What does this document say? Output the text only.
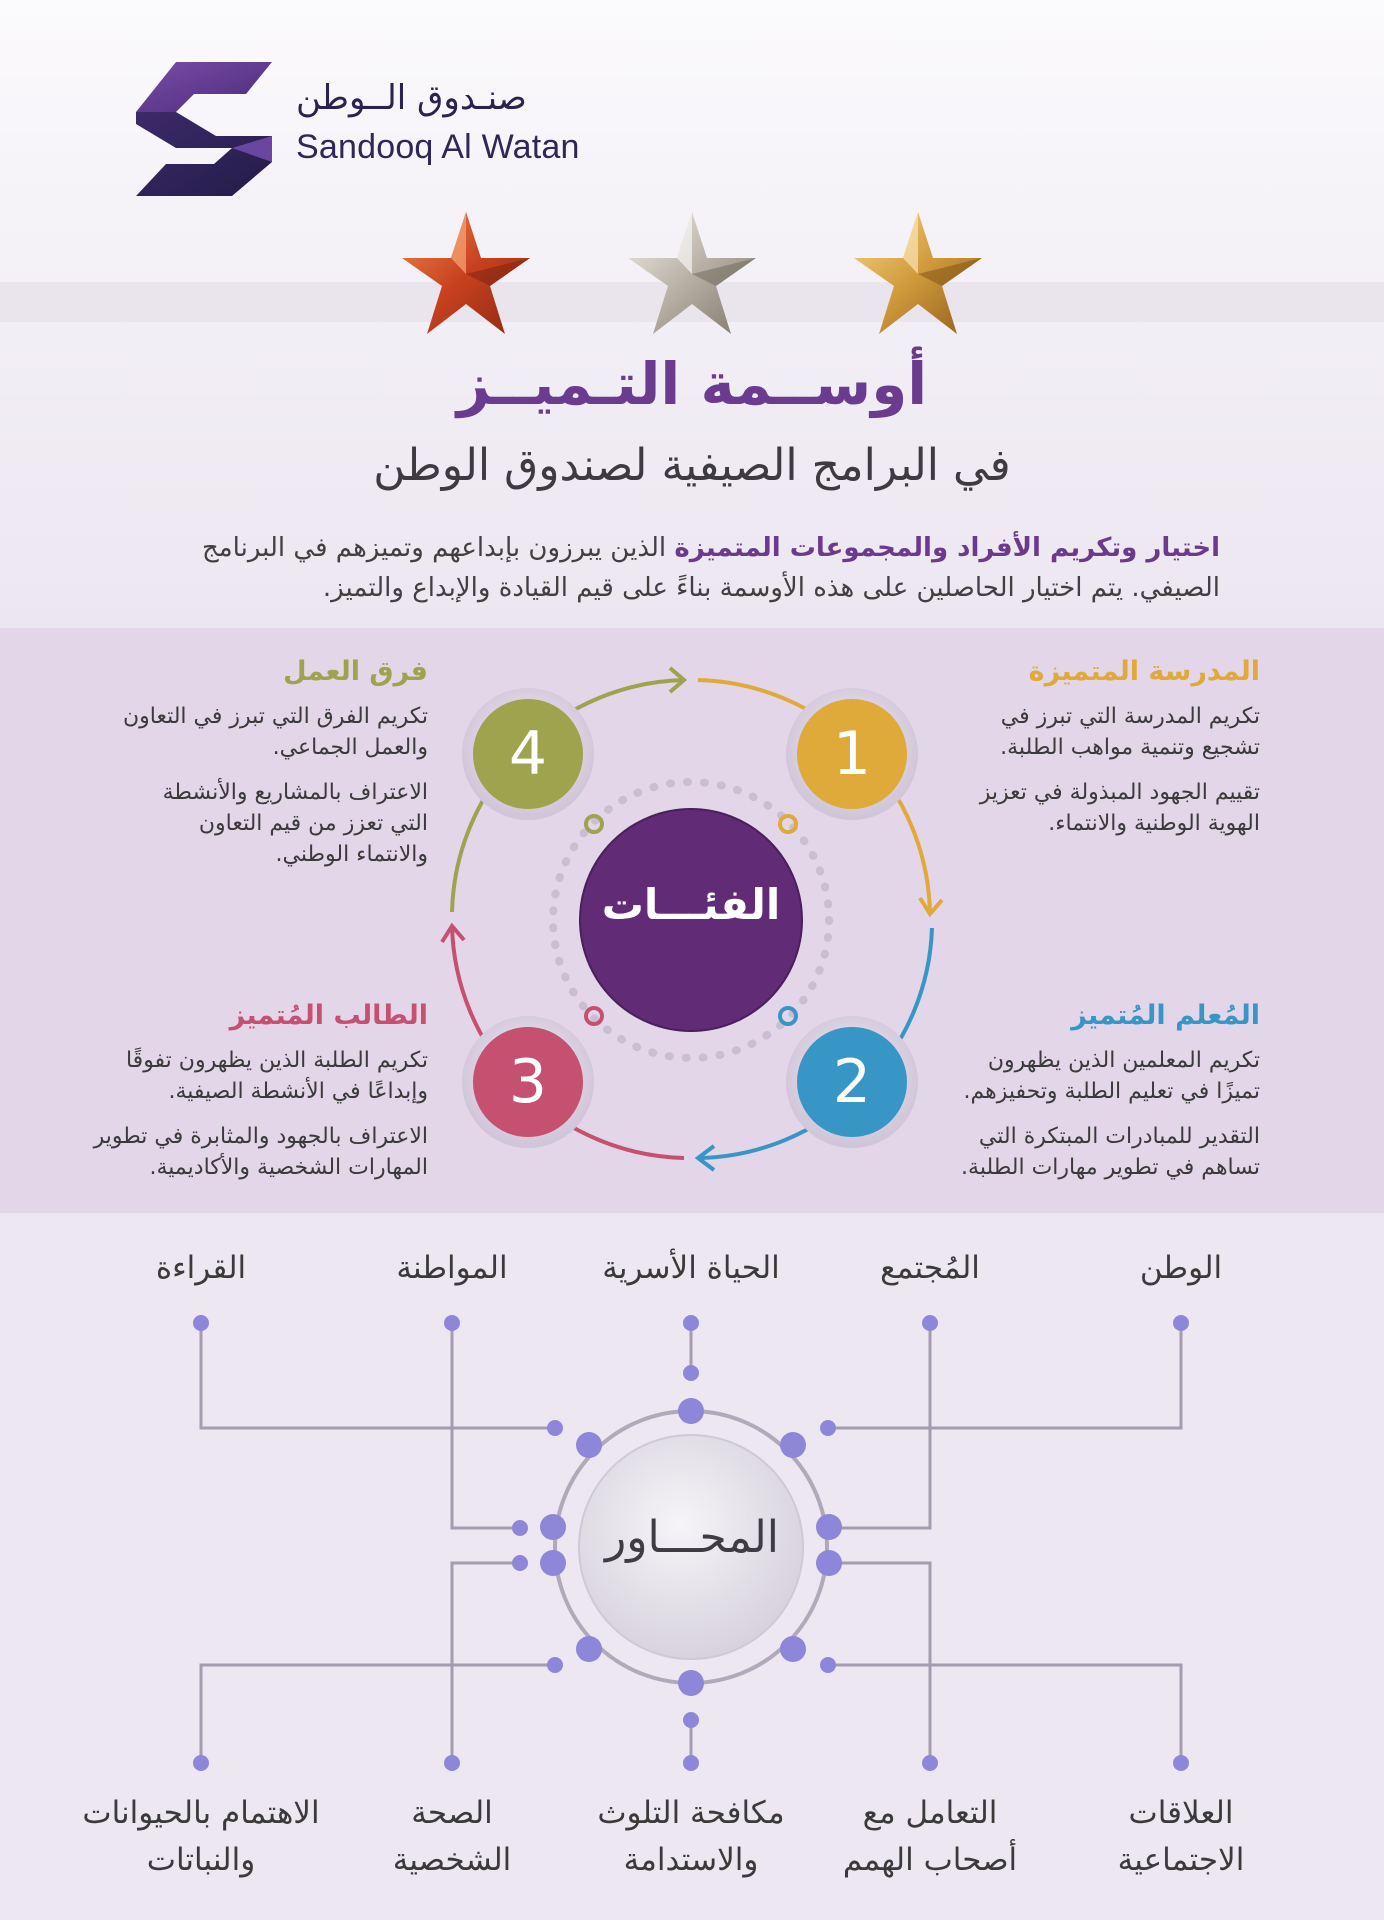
صنـدوق الــوطن
Sandooq Al Watan
أوســمة التـميــز
في البرامج الصيفية لصندوق الوطن
اختيار وتكريم الأفراد والمجموعات المتميزة الذين يبرزون بإبداعهم وتميزهم في البرنامج الصيفي. يتم اختيار الحاصلين على هذه الأوسمة بناءً على قيم القيادة والإبداع والتميز.
الفئـــات
1
2
3
4
المدرسة المتميزة
تكريم المدرسة التي تبرز في
تشجيع وتنمية مواهب الطلبة.
تقييم الجهود المبذولة في تعزيز
الهوية الوطنية والانتماء.
المُعلم المُتميز
تكريم المعلمين الذين يظهرون
تميزًا في تعليم الطلبة وتحفيزهم.
التقدير للمبادرات المبتكرة التي
تساهم في تطوير مهارات الطلبة.
الطالب المُتميز
تكريم الطلبة الذين يظهرون تفوقًا
وإبداعًا في الأنشطة الصيفية.
الاعتراف بالجهود والمثابرة في تطوير
المهارات الشخصية والأكاديمية.
فرق العمل
تكريم الفرق التي تبرز في التعاون
والعمل الجماعي.
الاعتراف بالمشاريع والأنشطة
التي تعزز من قيم التعاون
والانتماء الوطني.
المحـــاور
الوطن
المُجتمع
الحياة الأسرية
المواطنة
القراءة
العلاقات
الاجتماعية
التعامل مع
أصحاب الهمم
مكافحة التلوث
والاستدامة
الصحة
الشخصية
الاهتمام بالحيوانات
والنباتات
